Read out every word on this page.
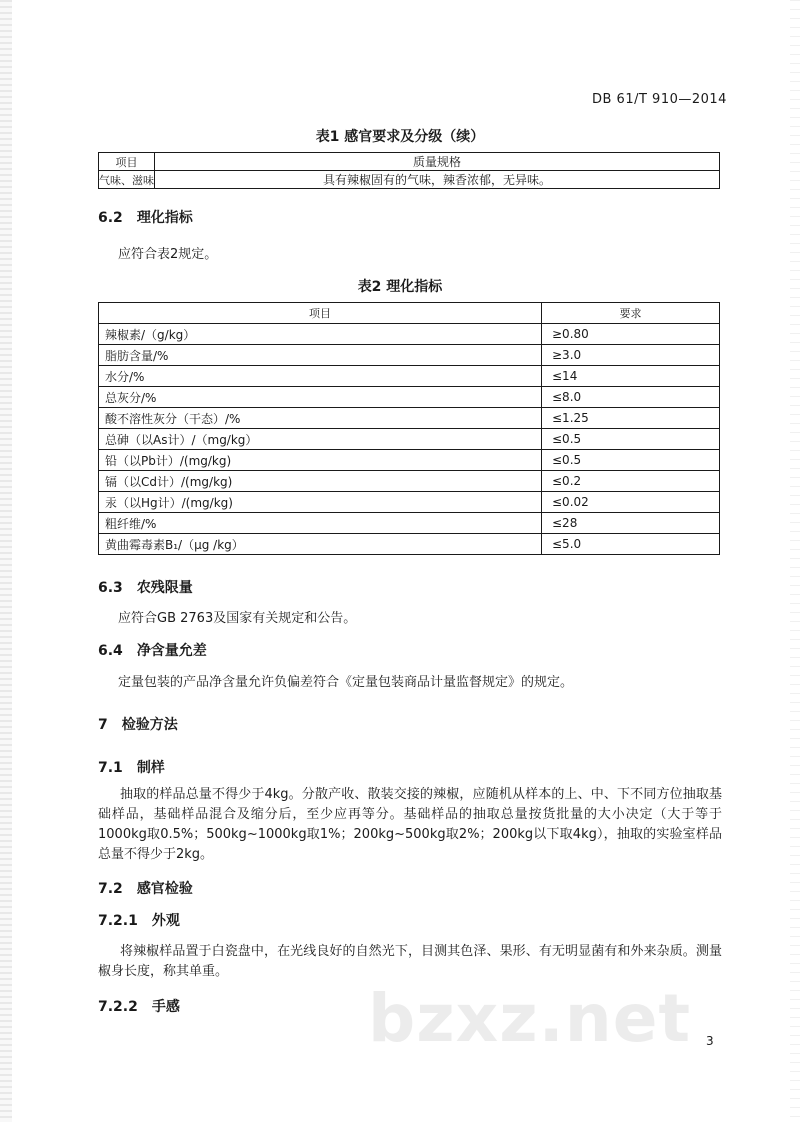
DB 61/T 910—2014
表1 感官要求及分级（续）
项目	质量规格
气味、滋味	具有辣椒固有的气味，辣香浓郁，无异味。
6.2 理化指标
应符合表2规定。
表2 理化指标
项目	要求
辣椒素/（g/kg）	≥0.80
脂肪含量/%	≥3.0
水分/%	≤14
总灰分/%	≤8.0
酸不溶性灰分（干态）/%	≤1.25
总砷（以As计）/（mg/kg）	≤0.5
铅（以Pb计）/(mg/kg)	≤0.5
镉（以Cd计）/(mg/kg)	≤0.2
汞（以Hg计）/(mg/kg)	≤0.02
粗纤维/%	≤28
黄曲霉毒素B₁/（μg /kg）	≤5.0
6.3 农残限量
应符合GB 2763及国家有关规定和公告。
6.4 净含量允差
定量包装的产品净含量允许负偏差符合《定量包装商品计量监督规定》的规定。
7 检验方法
7.1 制样
抽取的样品总量不得少于4kg。分散产收、散装交接的辣椒，应随机从样本的上、中、下不同方位抽取基础样品，基础样品混合及缩分后，至少应再等分。基础样品的抽取总量按货批量的大小决定（大于等于1000kg取0.5%；500kg~1000kg取1%；200kg~500kg取2%；200kg以下取4kg），抽取的实验室样品总量不得少于2kg。
7.2 感官检验
7.2.1 外观
将辣椒样品置于白瓷盘中，在光线良好的自然光下，目测其色泽、果形、有无明显菌有和外来杂质。测量椒身长度，称其单重。
7.2.2 手感	bzxz.net 3
